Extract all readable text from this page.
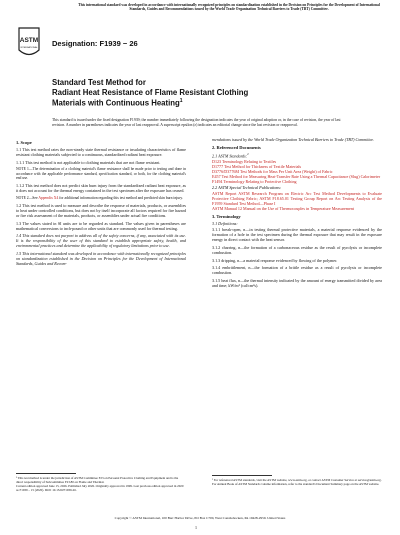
This international standard was developed in accordance with internationally recognized principles on standardization established in the Decision on Principles for the Development of International Standards, Guides and Recommendations issued by the World Trade Organization Technical Barriers to Trade (TBT) Committee.
ASTM
INTERNATIONAL Designation: F1939 − 26
Standard Test Method for
Radiant Heat Resistance of Flame Resistant Clothing
Materials with Continuous Heating$^1$
This standard is issued under the fixed designation F1939; the number immediately following the designation indicates the year of original adoption or, in the case of revision, the year of last revision. A number in parentheses indicates the year of last reapproval. A superscript epsilon (ε) indicates an editorial change since the last revision or reapproval.
1. Scope

1.1 This test method rates the non-steady state thermal resistance or insulating characteristics of flame resistant clothing materials subjected to a continuous, standardized radiant heat exposure.

1.1.1 This test method is not applicable to clothing materials that are not flame resistant.

NOTE 1—The determination of a clothing material's flame resistance shall be made prior to testing and done in accordance with the applicable performance standard, specification standard, or both, for the clothing material's end use.

1.1.2 This test method does not predict skin burn injury from the standardized radiant heat exposure, as it does not account for the thermal energy contained in the test specimen after the exposure has ceased.

NOTE 2—See Appendix X4 for additional information regarding this test method and predicted skin burn injury.

1.2 This test method is used to measure and describe the response of materials, products, or assemblies to heat under controlled conditions, but does not by itself incorporate all factors required for fire hazard or fire risk assessment of the materials, products, or assemblies under actual fire conditions.

1.3 The values stated in SI units are to be regarded as standard. The values given in parentheses are mathematical conversions to inch-pound or other units that are commonly used for thermal testing.

1.4 This standard does not purport to address all of the safety concerns, if any, associated with its use. It is the responsibility of the user of this standard to establish appropriate safety, health, and environmental practices and determine the applicability of regulatory limitations prior to use.

1.5 This international standard was developed in accordance with internationally recognized principles on standardization established in the Decision on Principles for the Development of International Standards, Guides and Recom-

mendations issued by the World Trade Organization Technical Barriers to Trade (TBT) Committee.

2. Referenced Documents

2.1 ASTM Standards:$^2$

D123 Terminology Relating to Textiles
D1777 Test Method for Thickness of Textile Materials
D3776/D3776M Test Methods for Mass Per Unit Area (Weight) of Fabric
E457 Test Method for Measuring Heat-Transfer Rate Using a Thermal Capacitance (Slug) Calorimeter
F1494 Terminology Relating to Protective Clothing

2.2 ASTM Special Technical Publications:

ASTM Report ASTM Research Program on Electric Arc Test Method Developments to Evaluate Protective Clothing Fabric; ASTM F18.65.01 Testing Group Report on Arc Testing Analysis of the F1959 Standard Test Method—Phase I
ASTM Manual 12 Manual on the Use of Thermocouples in Temperature Measurement
3. Terminology

3.1 Definitions:

3.1.1 break-open, n—in testing thermal protective materials, a material response evidenced by the formation of a hole in the test specimen during the thermal exposure that may result in the exposure energy in direct contact with the heat sensor.

3.1.2 charring, n—the formation of a carbonaceous residue as the result of pyrolysis or incomplete combustion.

3.1.3 dripping, n—a material response evidenced by flowing of the polymer.

3.1.4 embrittlement, n—the formation of a brittle residue as a result of pyrolysis or incomplete combustion.

3.1.5 heat flux, n—the thermal intensity indicated by the amount of energy transmitted divided by area and time; kW/m² (cal/cm²s).

¹ This test method is under the jurisdiction of ASTM Committee F23 on Personal Protective Clothing and Equipment and is the direct responsibility of Subcommittee F23.80 on Flame and Thermal.
Current edition approved June 15, 2026. Published July 2026. Originally approved in 1999. Last previous edition approved in 2020 as F1939 – 15 (2020). DOI: 10.1520/F1939-26.
² For referenced ASTM standards, visit the ASTM website, www.astm.org, or contact ASTM Customer Service at service@astm.org. For Annual Book of ASTM Standards volume information, refer to the standard's Document Summary page on the ASTM website.
Copyright © ASTM International, 100 Barr Harbor Drive, PO Box C700, West Conshohocken, PA 19428-2959. United States
1
